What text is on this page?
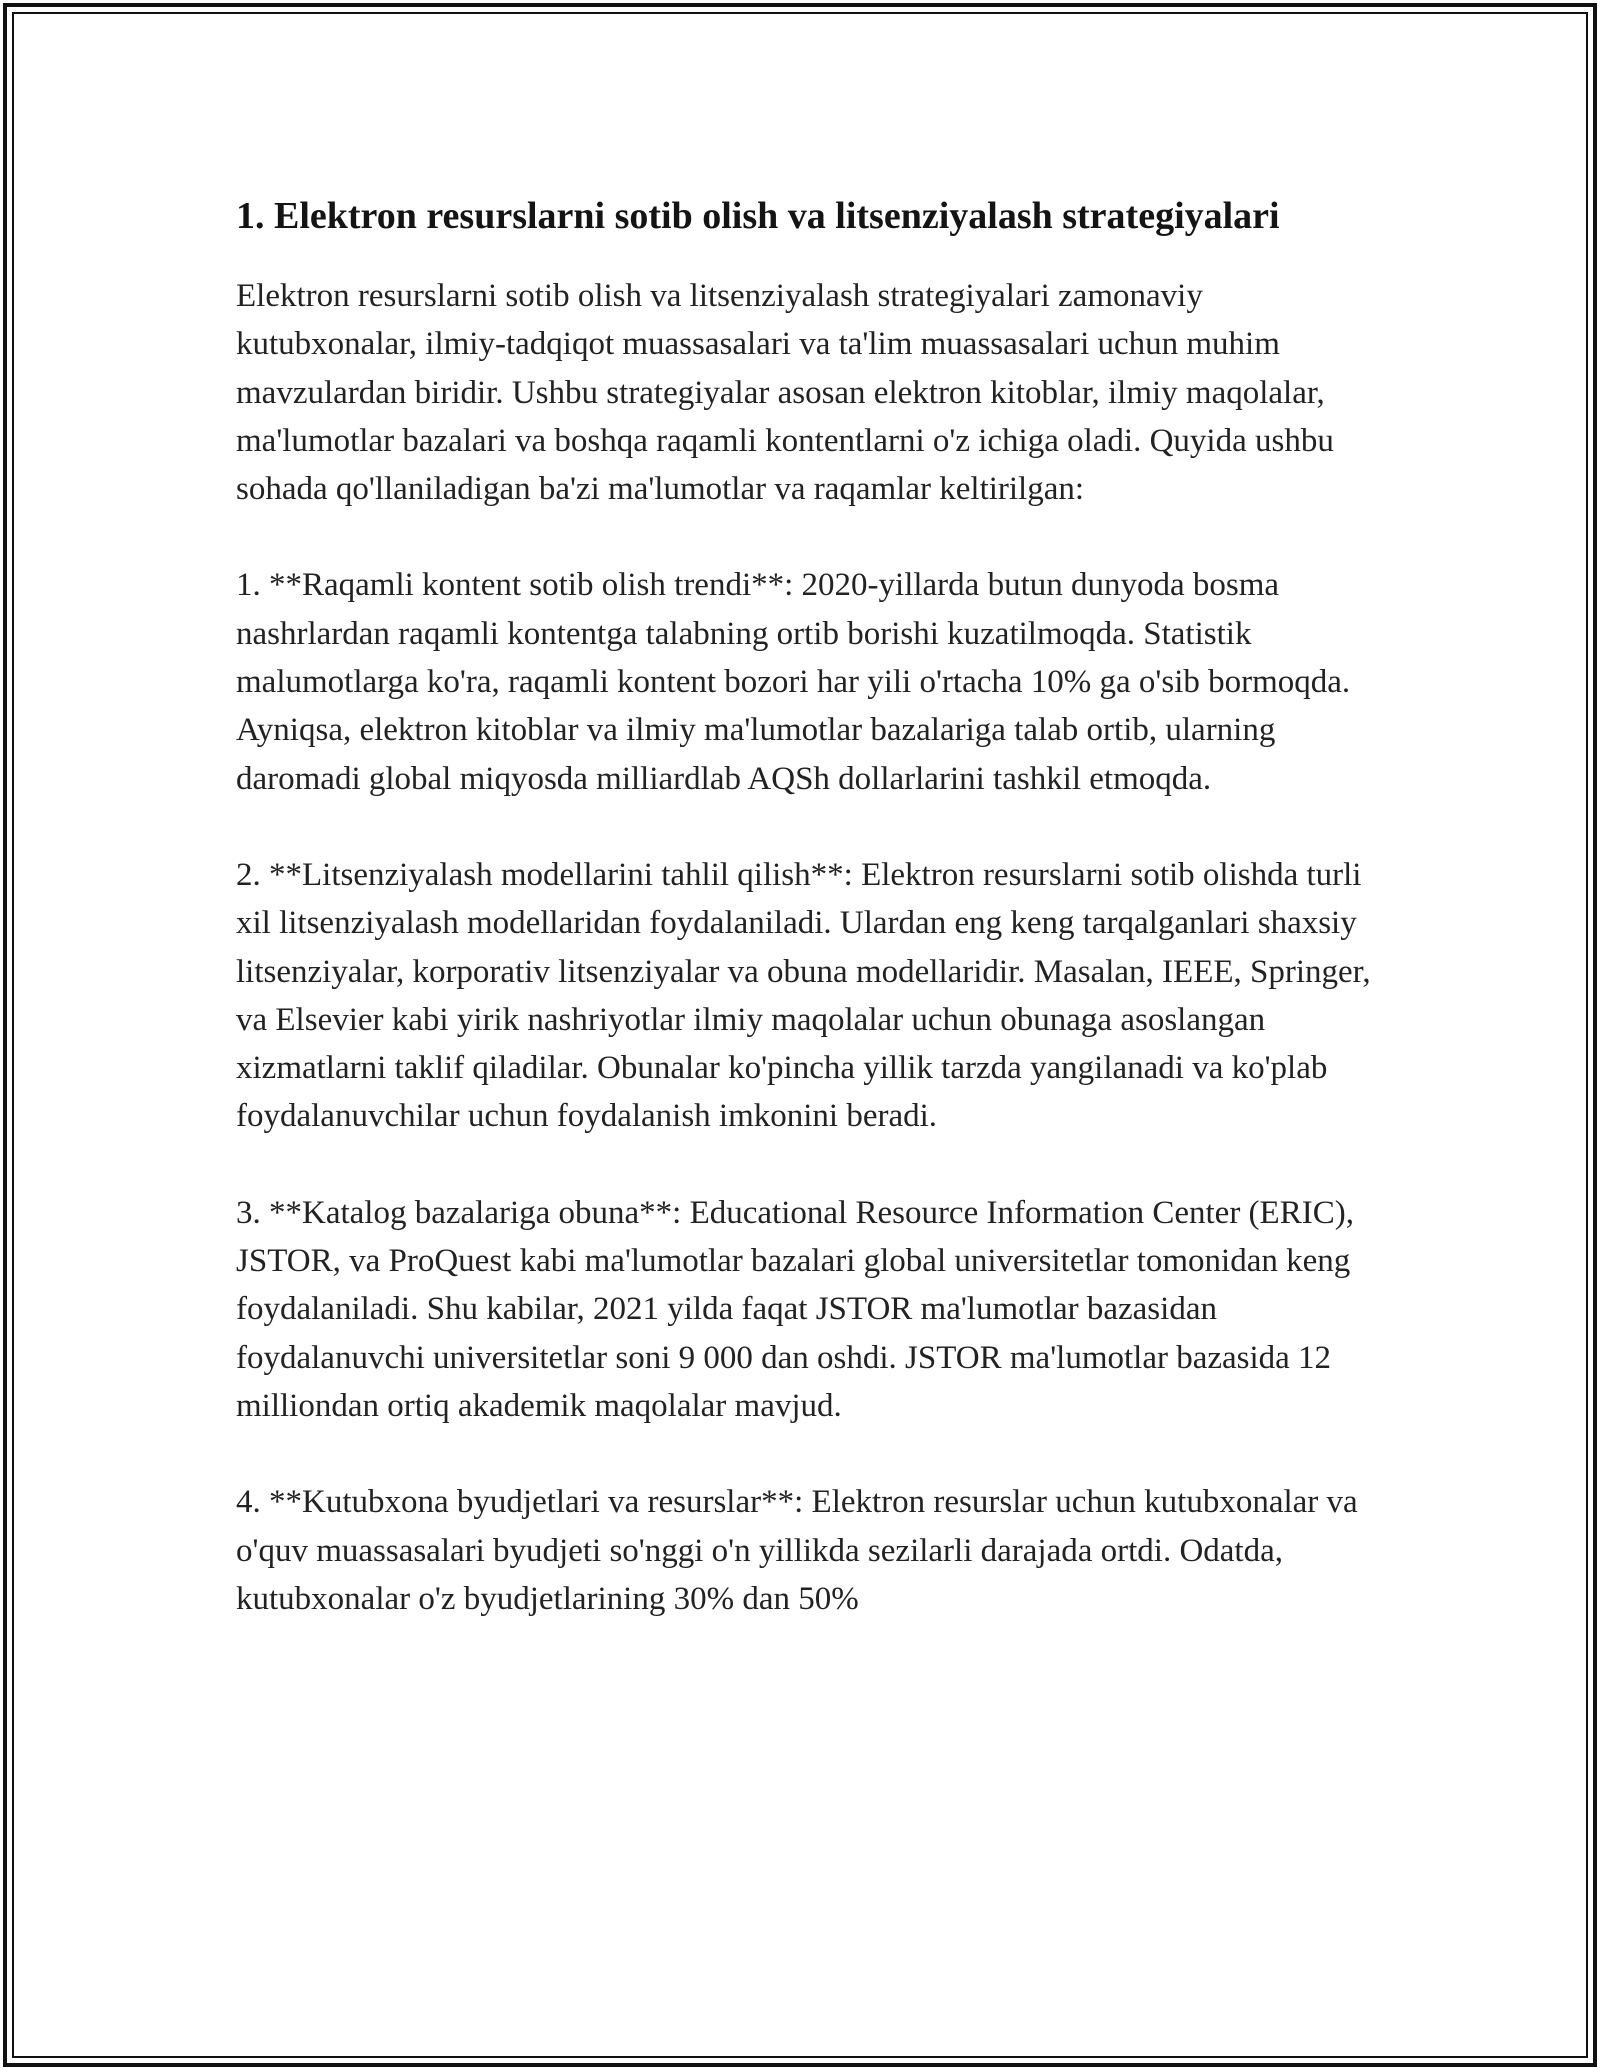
1. Elektron resurslarni sotib olish va litsenziyalash strategiyalari

Elektron resurslarni sotib olish va litsenziyalash strategiyalari zamonaviy kutubxonalar, ilmiy-tadqiqot muassasalari va ta'lim muassasalari uchun muhim mavzulardan biridir. Ushbu strategiyalar asosan elektron kitoblar, ilmiy maqolalar, ma'lumotlar bazalari va boshqa raqamli kontentlarni o'z ichiga oladi. Quyida ushbu sohada qo'llaniladigan ba'zi ma'lumotlar va raqamlar keltirilgan:

1. **Raqamli kontent sotib olish trendi**: 2020-yillarda butun dunyoda bosma nashrlardan raqamli kontentga talabning ortib borishi kuzatilmoqda. Statistik malumotlarga ko'ra, raqamli kontent bozori har yili o'rtacha 10% ga o'sib bormoqda. Ayniqsa, elektron kitoblar va ilmiy ma'lumotlar bazalariga talab ortib, ularning daromadi global miqyosda milliardlab AQSh dollarlarini tashkil etmoqda.

2. **Litsenziyalash modellarini tahlil qilish**: Elektron resurslarni sotib olishda turli xil litsenziyalash modellaridan foydalaniladi. Ulardan eng keng tarqalganlari shaxsiy litsenziyalar, korporativ litsenziyalar va obuna modellaridir. Masalan, IEEE, Springer, va Elsevier kabi yirik nashriyotlar ilmiy maqolalar uchun obunaga asoslangan xizmatlarni taklif qiladilar. Obunalar ko'pincha yillik tarzda yangilanadi va ko'plab foydalanuvchilar uchun foydalanish imkonini beradi.

3. **Katalog bazalariga obuna**: Educational Resource Information Center (ERIC), JSTOR, va ProQuest kabi ma'lumotlar bazalari global universitetlar tomonidan keng foydalaniladi. Shu kabilar, 2021 yilda faqat JSTOR ma'lumotlar bazasidan foydalanuvchi universitetlar soni 9 000 dan oshdi. JSTOR ma'lumotlar bazasida 12 milliondan ortiq akademik maqolalar mavjud.

4. **Kutubxona byudjetlari va resurslar**: Elektron resurslar uchun kutubxonalar va o'quv muassasalari byudjeti so'nggi o'n yillikda sezilarli darajada ortdi. Odatda, kutubxonalar o'z byudjetlarining 30% dan 50%
